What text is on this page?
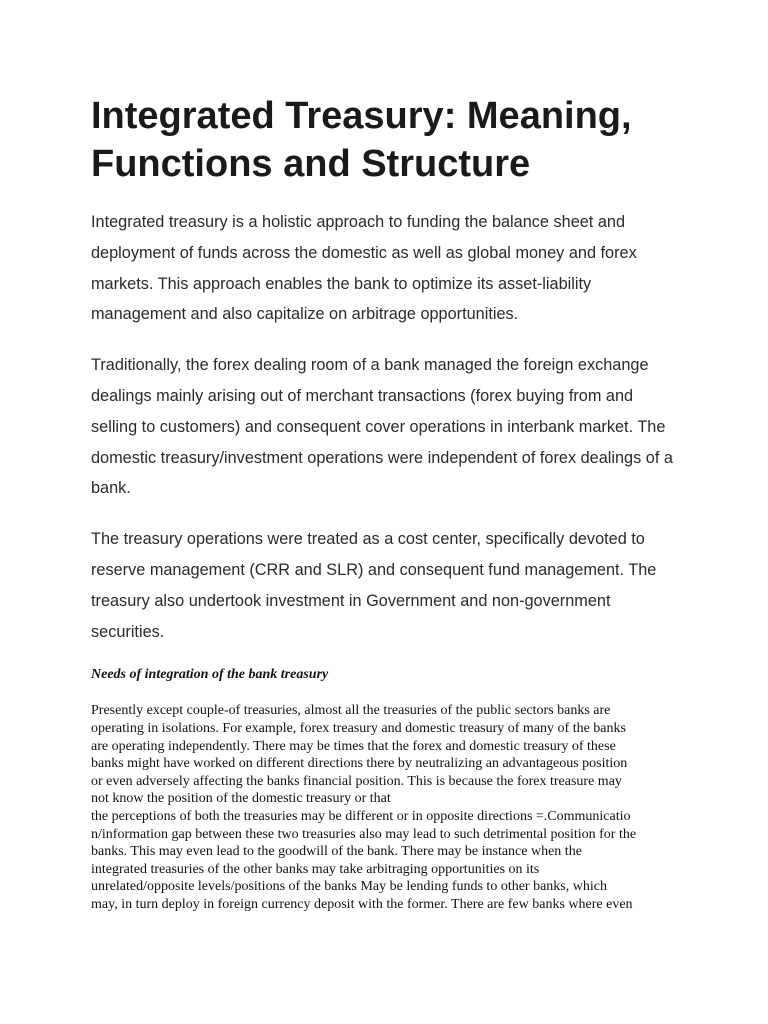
Integrated Treasury: Meaning, Functions and Structure

Integrated treasury is a holistic approach to funding the balance sheet and deployment of funds across the domestic as well as global money and forex markets. This approach enables the bank to optimize its asset-liability management and also capitalize on arbitrage opportunities.

Traditionally, the forex dealing room of a bank managed the foreign exchange dealings mainly arising out of merchant transactions (forex buying from and selling to customers) and consequent cover operations in interbank market. The domestic treasury/investment operations were independent of forex dealings of a bank.

The treasury operations were treated as a cost center, specifically devoted to reserve management (CRR and SLR) and consequent fund management. The treasury also undertook investment in Government and non-government securities.

Needs of integration of the bank treasury

Presently except couple-of treasuries, almost all the treasuries of the public sectors banks are
operating in isolations. For example, forex treasury and domestic treasury of many of the banks
are operating independently. There may be times that the forex and domestic treasury of these
banks might have worked on different directions there by neutralizing an advantageous position
or even adversely affecting the banks financial position. This is because the forex treasure may
not know the position of the domestic treasury or that
the perceptions of both the treasuries may be different or in opposite directions =.Communicatio
n/information gap between these two treasuries also may lead to such detrimental position for the
banks. This may even lead to the goodwill of the bank. There may be instance when the
integrated treasuries of the other banks may take arbitraging opportunities on its
unrelated/opposite levels/positions of the banks May be lending funds to other banks, which
may, in turn deploy in foreign currency deposit with the former. There are few banks where even
